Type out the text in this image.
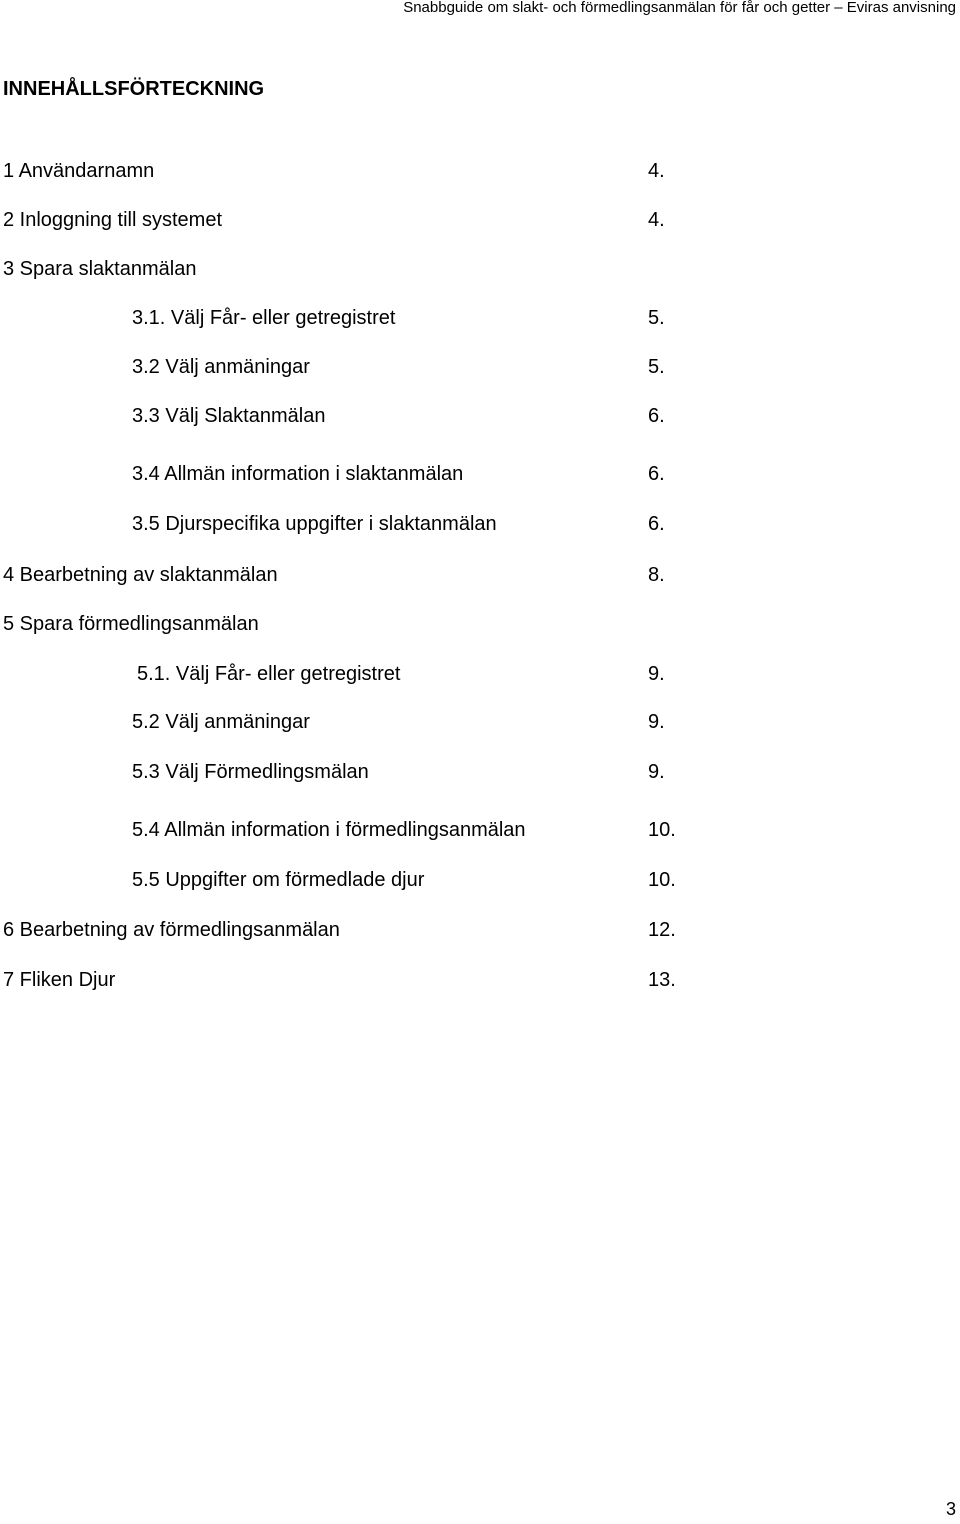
Snabbguide om slakt- och förmedlingsanmälan för får och getter – Eviras anvisning
INNEHÅLLSFÖRTECKNING
1 Användarnamn	4.
2 Inloggning till systemet	4.
3 Spara slaktanmälan
3.1. Välj Får- eller getregistret	5.
3.2 Välj anmäningar	5.
3.3 Välj Slaktanmälan	6.
3.4 Allmän information i slaktanmälan	6.
3.5 Djurspecifika uppgifter i slaktanmälan	6.
4 Bearbetning av slaktanmälan	8.
5 Spara förmedlingsanmälan
5.1. Välj Får- eller getregistret	9.
5.2 Välj anmäningar	9.
5.3 Välj Förmedlingsmälan	9.
5.4 Allmän information i förmedlingsanmälan	10.
5.5 Uppgifter om förmedlade djur	10.
6 Bearbetning av förmedlingsanmälan	12.
7 Fliken Djur	13.
3
